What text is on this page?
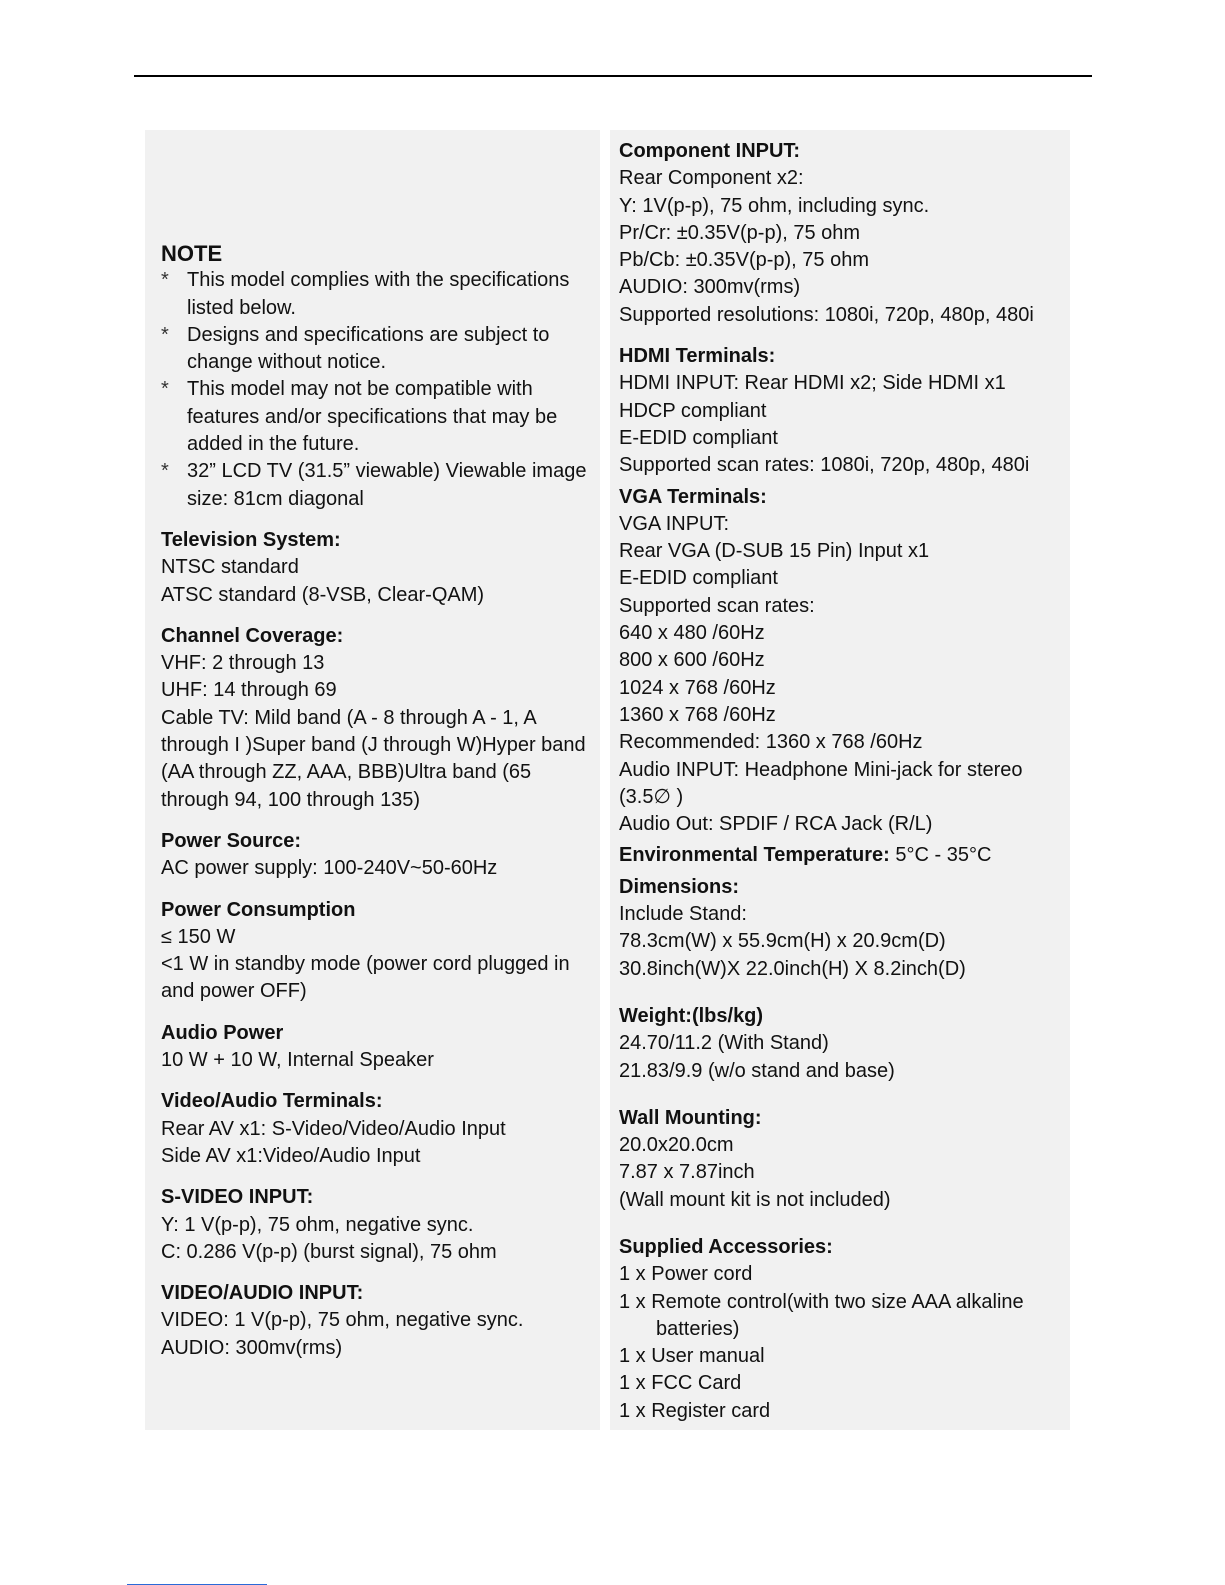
NOTE

* This model complies with the specifications listed below.
* Designs and specifications are subject to change without notice.
* This model may not be compatible with features and/or specifications that may be added in the future.
* 32” LCD TV (31.5” viewable) Viewable image size: 81cm diagonal

Television System:

NTSC standard

ATSC standard (8-VSB, Clear-QAM)

Channel Coverage:

VHF: 2 through 13

UHF: 14 through 69

Cable TV: Mild band (A - 8 through A - 1, A through I )Super band (J through W)Hyper band (AA through ZZ, AAA, BBB)Ultra band (65 through 94, 100 through 135)

Power Source:

AC power supply: 100-240V~50-60Hz

Power Consumption

≤ 150 W

<1 W in standby mode (power cord plugged in and power OFF)

Audio Power

10 W + 10 W, Internal Speaker

Video/Audio Terminals:

Rear AV x1: S-Video/Video/Audio Input

Side AV x1:Video/Audio Input

S-VIDEO INPUT:

Y: 1 V(p-p), 75 ohm, negative sync.

C: 0.286 V(p-p) (burst signal), 75 ohm

VIDEO/AUDIO INPUT:

VIDEO: 1 V(p-p), 75 ohm, negative sync.

AUDIO: 300mv(rms)

Component INPUT:

Rear Component x2:

Y: 1V(p-p), 75 ohm, including sync.

Pr/Cr: ±0.35V(p-p), 75 ohm

Pb/Cb: ±0.35V(p-p), 75 ohm

AUDIO: 300mv(rms)

Supported resolutions: 1080i, 720p, 480p, 480i

HDMI Terminals:

HDMI INPUT: Rear HDMI x2; Side HDMI x1

HDCP compliant

E-EDID compliant

Supported scan rates: 1080i, 720p, 480p, 480i

VGA Terminals:

VGA INPUT:

Rear VGA (D-SUB 15 Pin) Input x1

E-EDID compliant

Supported scan rates:

640 x 480 /60Hz

800 x 600 /60Hz

1024 x 768 /60Hz

1360 x 768 /60Hz

Recommended: 1360 x 768 /60Hz

Audio INPUT: Headphone Mini-jack for stereo (3.5∅ )

Audio Out: SPDIF / RCA Jack (R/L)

Environmental Temperature: 5°C - 35°C

Dimensions:

Include Stand:

78.3cm(W) x 55.9cm(H) x 20.9cm(D)

30.8inch(W)X 22.0inch(H) X 8.2inch(D)

Weight:(lbs/kg)

24.70/11.2 (With Stand)

21.83/9.9 (w/o stand and base)

Wall Mounting:

20.0x20.0cm

7.87 x 7.87inch

(Wall mount kit is not included)

Supplied Accessories:

1 x Power cord

1 x Remote control(with two size AAA alkaline

batteries)

1 x User manual

1 x FCC Card

1 x Register card
